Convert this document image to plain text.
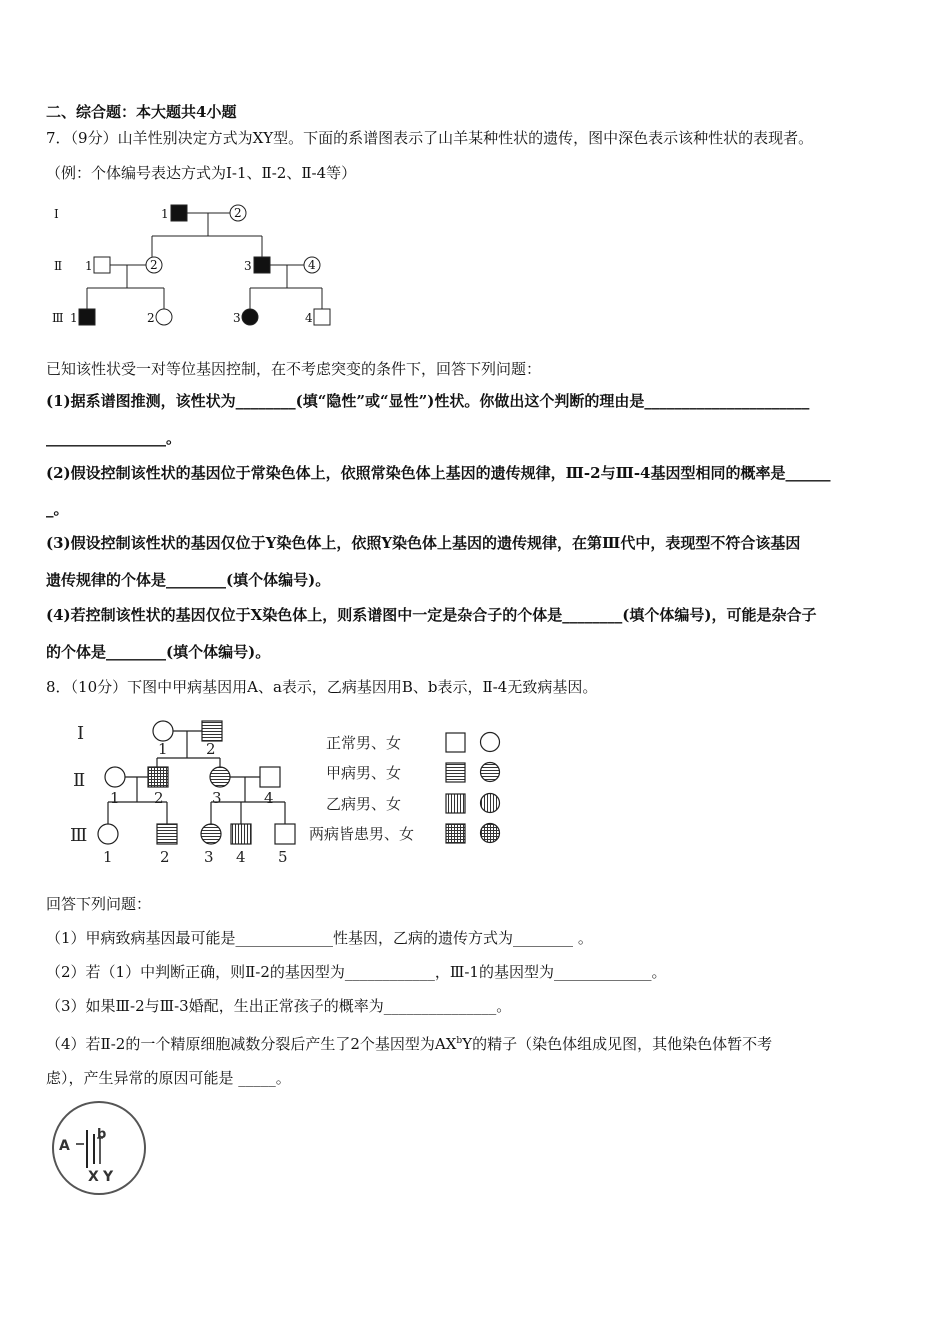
二、综合题：本大题共4小题
7．（9分）山羊性别决定方式为XY型。下面的系谱图表示了山羊某种性状的遗传，图中深色表示该种性状的表现者。
（例：个体编号表达方式为Ⅰ-1、Ⅱ-2、Ⅱ-4等）
Ⅰ
Ⅱ
Ⅲ
1	2
1	2	3	4
1	2	3	4
已知该性状受一对等位基因控制，在不考虑突变的条件下，回答下列问题：
(1)据系谱图推测，该性状为________(填“隐性”或“显性”)性状。你做出这个判断的理由是______________________
________________。
(2)假设控制该性状的基因位于常染色体上，依照常染色体上基因的遗传规律，Ⅲ-2与Ⅲ-4基因型相同的概率是______
_。
(3)假设控制该性状的基因仅位于Y染色体上，依照Y染色体上基因的遗传规律，在第Ⅲ代中，表现型不符合该基因
遗传规律的个体是________(填个体编号)。
(4)若控制该性状的基因仅位于X染色体上，则系谱图中一定是杂合子的个体是________(填个体编号)，可能是杂合子
的个体是________(填个体编号)。
8．（10分）下图中甲病基因用A、a表示，乙病基因用B、b表示，Ⅱ-4无致病基因。
Ⅰ
Ⅱ
Ⅲ
1	2
1 2	3	4
1	2 3 4 5
正常男、女
甲病男、女
乙病男、女
两病皆患男、女
回答下列问题：
（1）甲病致病基因最可能是_____________性基因，乙病的遗传方式为________ 。
（2）若（1）中判断正确，则Ⅱ-2的基因型为____________，Ⅲ-1的基因型为_____________。
（3）如果Ⅲ-2与Ⅲ-3婚配，生出正常孩子的概率为_______________。
（4）若Ⅱ-2的一个精原细胞减数分裂后产生了2个基因型为$AX^bY$的精子（染色体组成见图，其他染色体暂不考
虑），产生异常的原因可能是 _____。
A
b
X Y
